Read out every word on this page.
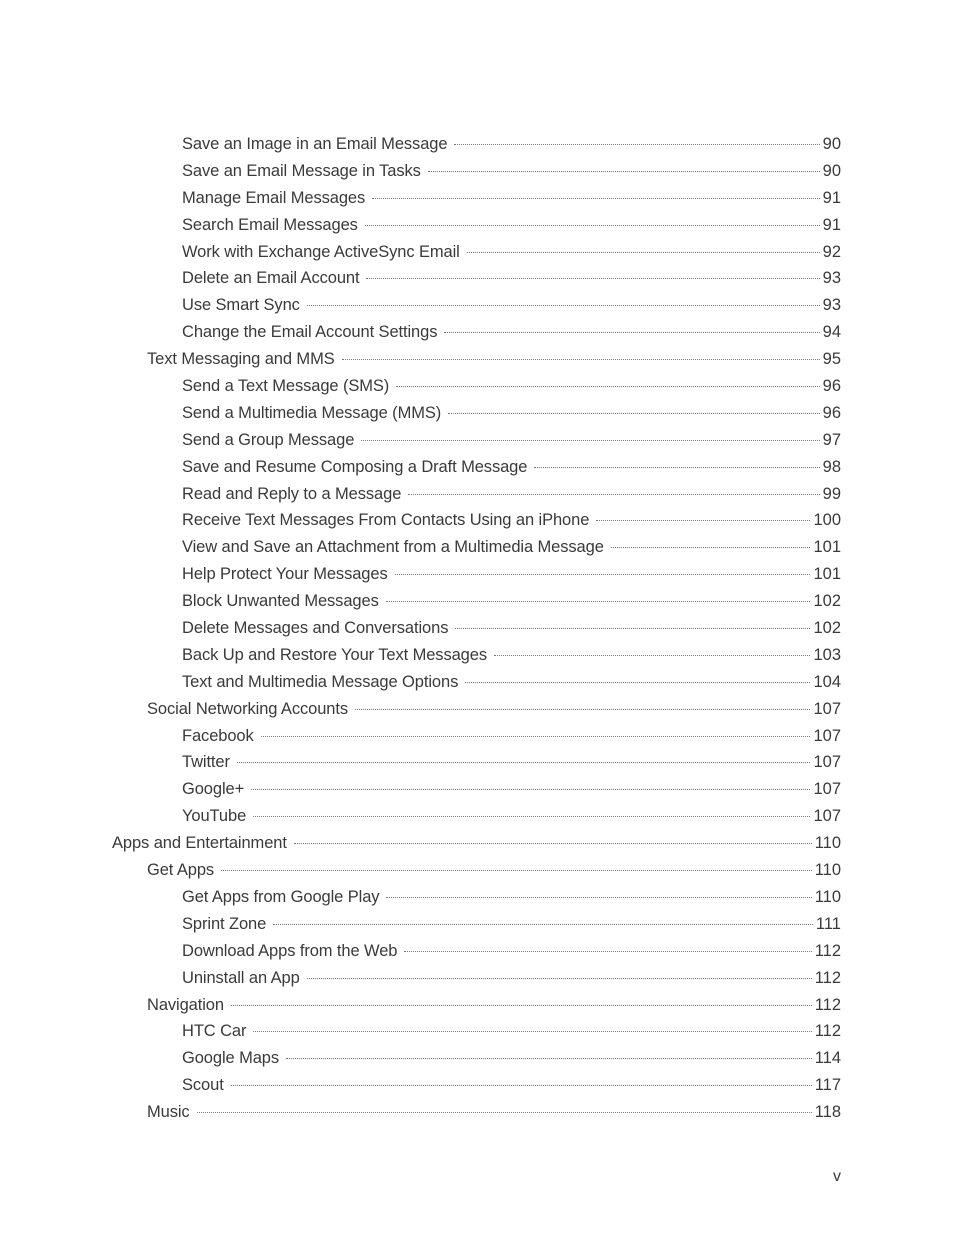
Save an Image in an Email Message	90
Save an Email Message in Tasks	90
Manage Email Messages	91
Search Email Messages	91
Work with Exchange ActiveSync Email	92
Delete an Email Account	93
Use Smart Sync	93
Change the Email Account Settings	94
Text Messaging and MMS	95
Send a Text Message (SMS)	96
Send a Multimedia Message (MMS)	96
Send a Group Message	97
Save and Resume Composing a Draft Message	98
Read and Reply to a Message	99
Receive Text Messages From Contacts Using an iPhone	100
View and Save an Attachment from a Multimedia Message	101
Help Protect Your Messages	101
Block Unwanted Messages	102
Delete Messages and Conversations	102
Back Up and Restore Your Text Messages	103
Text and Multimedia Message Options	104
Social Networking Accounts	107
Facebook	107
Twitter	107
Google+	107
YouTube	107
Apps and Entertainment	110
Get Apps	110
Get Apps from Google Play	110
Sprint Zone	111
Download Apps from the Web	112
Uninstall an App	112
Navigation	112
HTC Car	112
Google Maps	114
Scout	117
Music	118
v
